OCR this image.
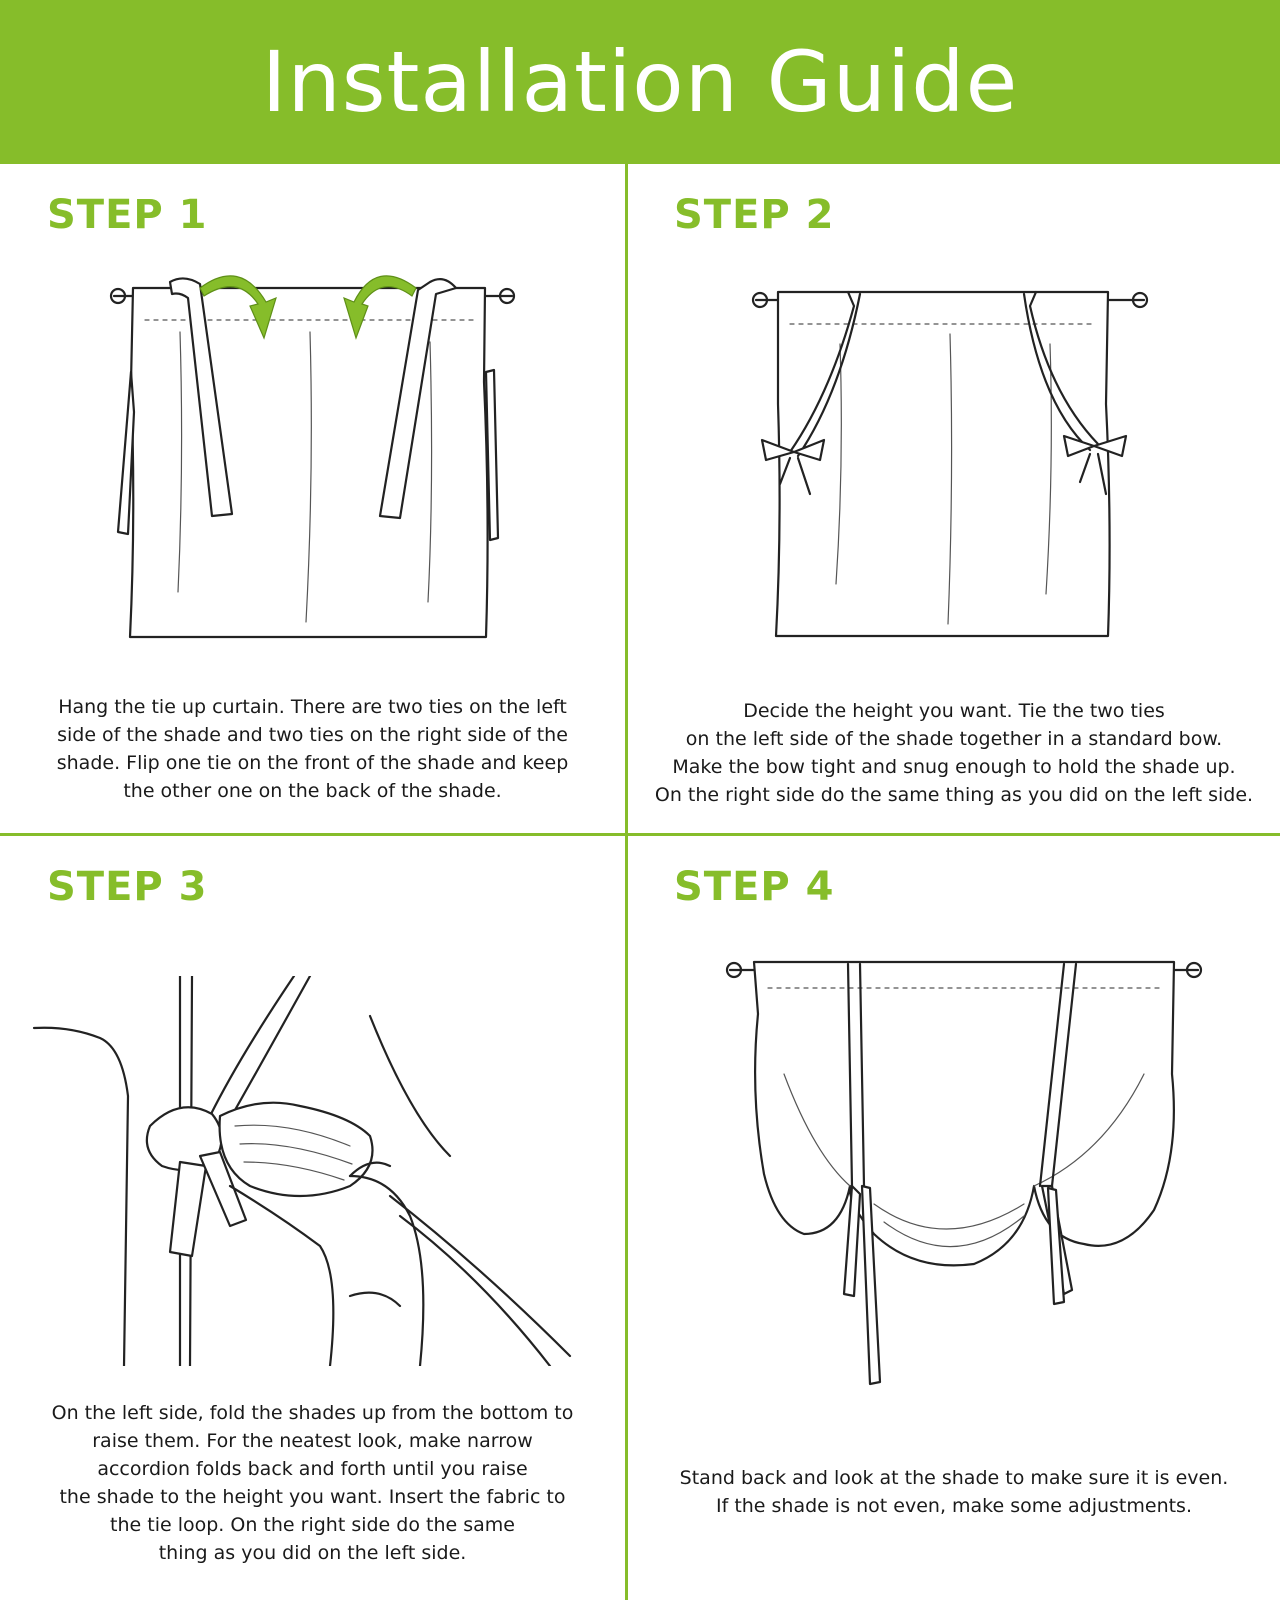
Installation Guide
STEP 1

Hang the tie up curtain. There are two ties on the left
side of the shade and two ties on the right side of the
shade. Flip one tie on the front of the shade and keep
the other one on the back of the shade.

STEP 2

Decide the height you want. Tie the two ties
on the left side of the shade together in a standard bow.
Make the bow tight and snug enough to hold the shade up.
On the right side do the same thing as you did on the left side.

STEP 3

On the left side, fold the shades up from the bottom to
raise them. For the neatest look, make narrow
accordion folds back and forth until you raise
the shade to the height you want. Insert the fabric to
the tie loop. On the right side do the same
thing as you did on the left side.

STEP 4

Stand back and look at the shade to make sure it is even.
If the shade is not even, make some adjustments.
